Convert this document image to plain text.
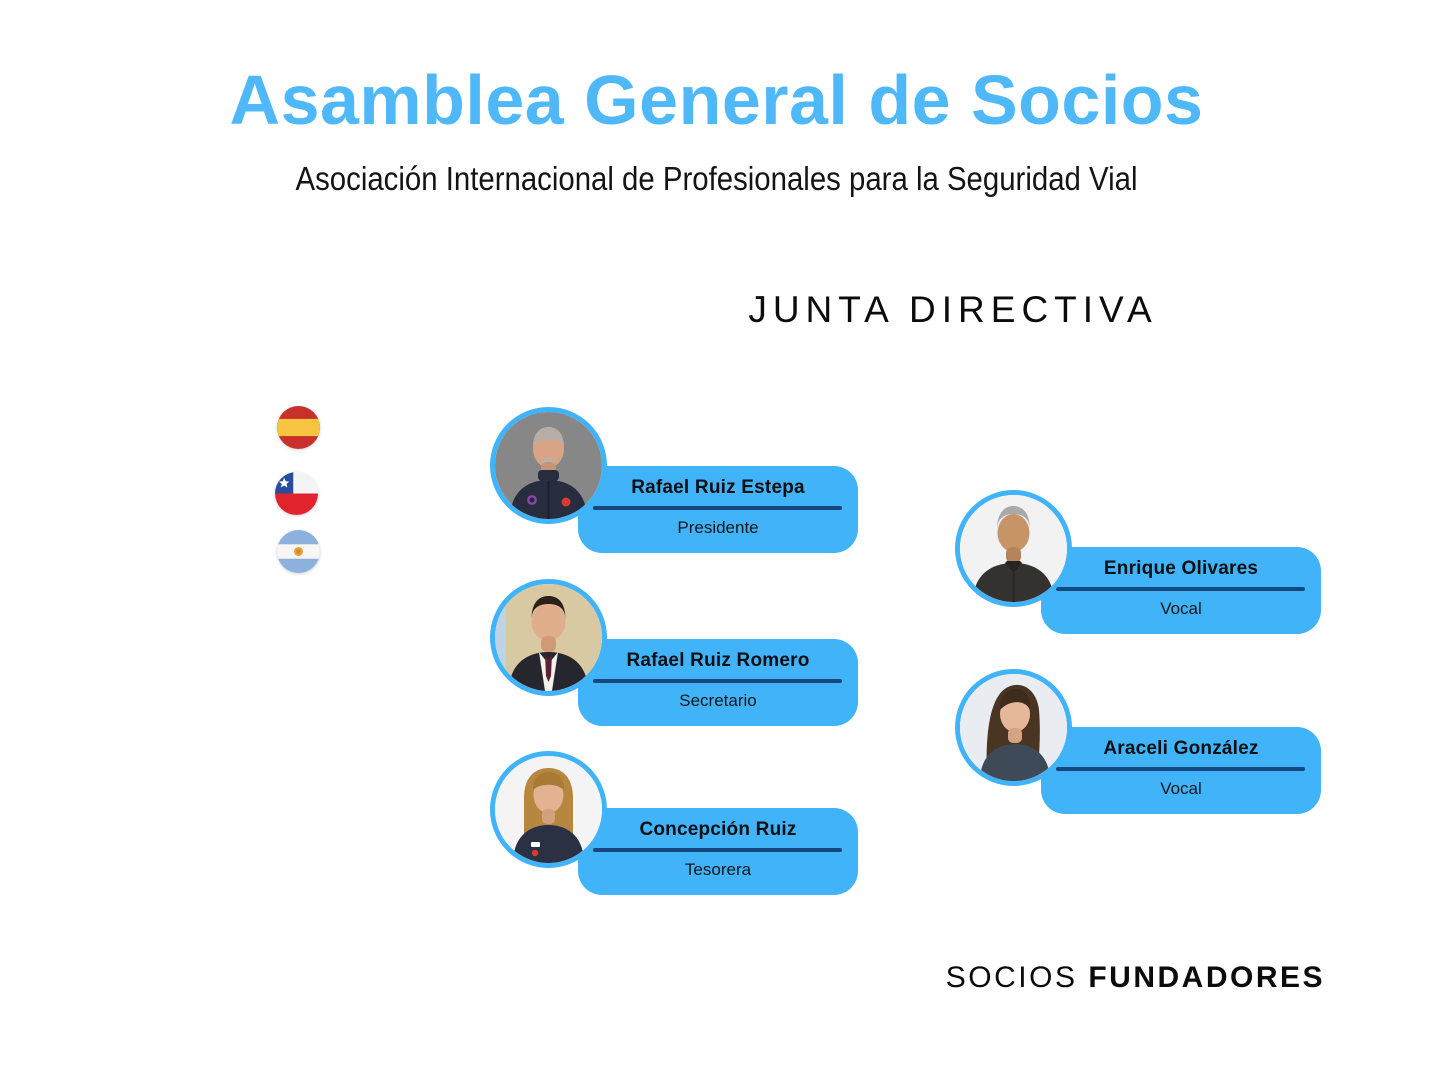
Asamblea General de Socios
Asociación Internacional de Profesionales para la Seguridad Vial
JUNTA DIRECTIVA
Rafael Ruiz Estepa
Presidente
Rafael Ruiz Romero
Secretario
Concepción Ruiz
Tesorera
Enrique Olivares
Vocal
Araceli González
Vocal
SOCIOS FUNDADORES
